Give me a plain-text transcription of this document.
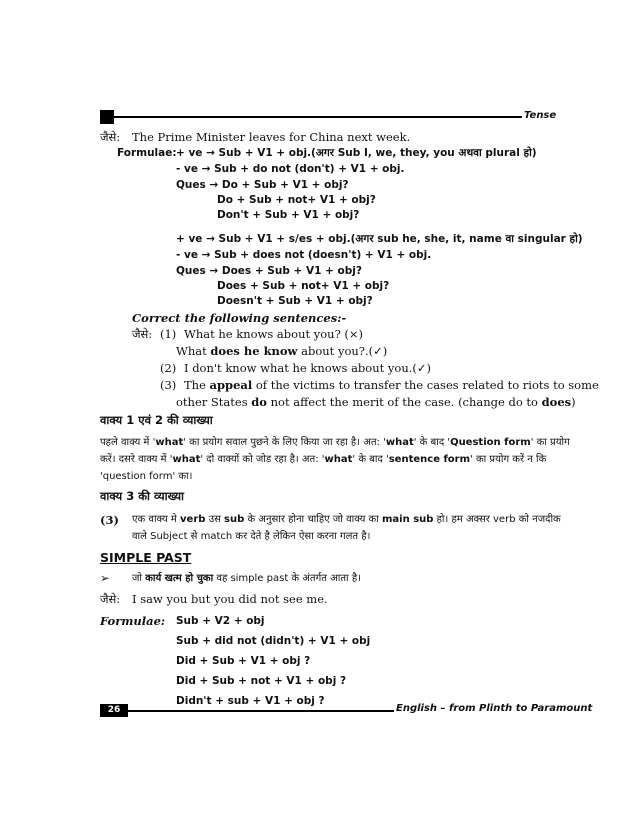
Tense
जैसे: The Prime Minister leaves for China next week.
Formulae: + ve → Sub + V1 + obj.(अगर Sub I, we, they, you अथवा plural हो)
- ve → Sub + do not (don't) + V1 + obj.
Ques → Do + Sub + V1 + obj?
Do + Sub + not+ V1 + obj?
Don't + Sub + V1 + obj?
+ ve → Sub + V1 + s/es + obj.(अगर sub he, she, it, name वा singular हो)
- ve → Sub + does not (doesn't) + V1 + obj.
Ques → Does + Sub + V1 + obj?
Does + Sub + not+ V1 + obj?
Doesn't + Sub + V1 + obj?
Correct the following sentences:-
जैसे: (1) What he knows about you? (×)
What does he know about you?.(✓)
(2) I don't know what he knows about you.(✓)
(3) The appeal of the victims to transfer the cases related to riots to some
other States do not affect the merit of the case. (change do to does)
वाक्य 1 एवं 2 की व्याख्या
पहले वाक्य में 'what' का प्रयोग सवाल पुछने के लिए किया जा रहा है। अत: 'what' के बाद 'Question form' का प्रयोग
करें। दसरे वाक्य में 'what' दो वाक्यों को जोड रहा है। अत: 'what' के बाद 'sentence form' का प्रयोग करें न कि
'question form' का।
वाक्य 3 की व्याख्या
(3) एक वाक्य मे verb उस sub के अनुसार होना चाहिए जो वाक्य का main sub हो। हम अक्सर verb को नजदीक
वाले Subject से match कर देते है लेकिन ऐसा करना गलत है।
SIMPLE PAST
➢ जो कार्य खत्म हो चुका वह simple past के अंतर्गत आता है।
जैसे: I saw you but you did not see me.
Formulae: Sub + V2 + obj
Sub + did not (didn't) + V1 + obj
Did + Sub + V1 + obj ?
Did + Sub + not + V1 + obj ?
Didn't + sub + V1 + obj ?
26	English – from Plinth to Paramount
